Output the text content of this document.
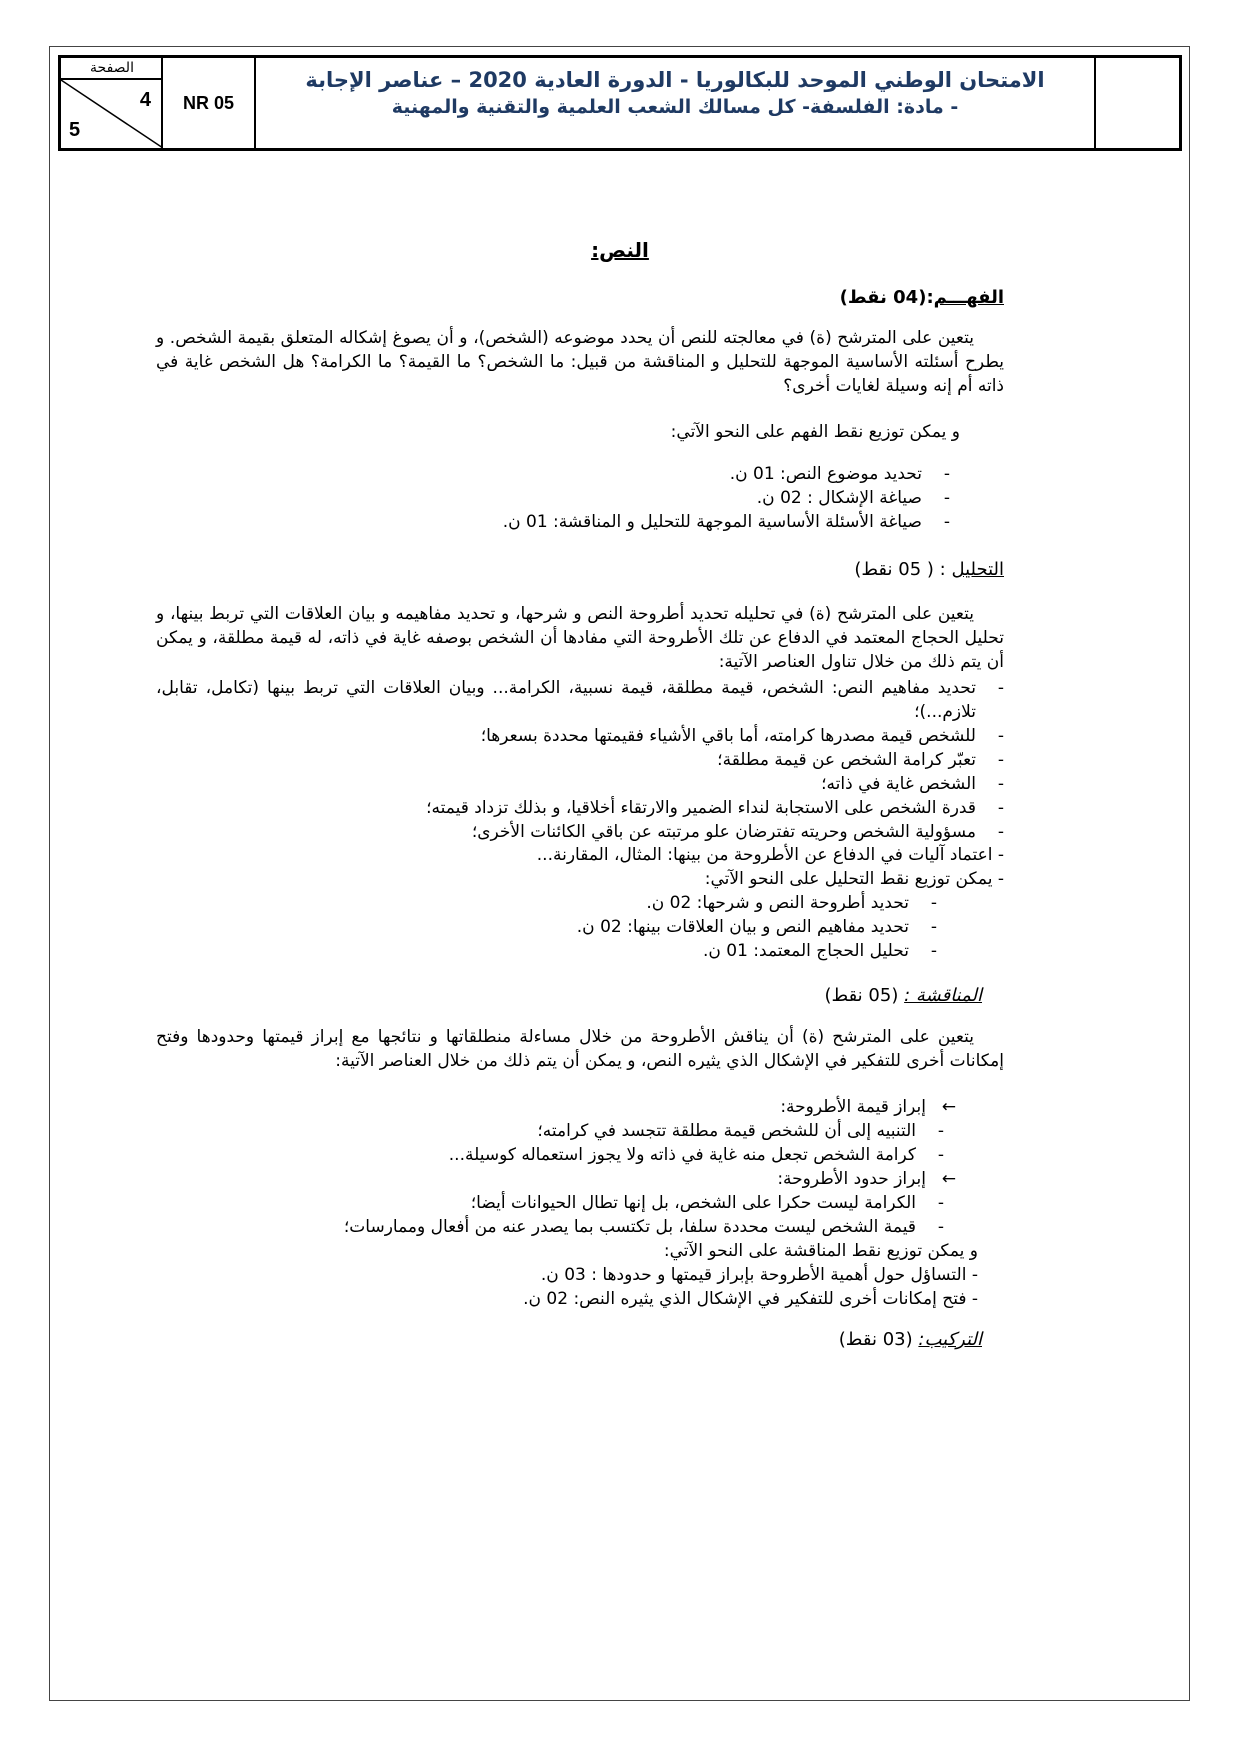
الصفحة
4
5
NR 05
الامتحان الوطني الموحد للبكالوريا - الدورة العادية 2020 – عناصر الإجابة
- مادة: الفلسفة- كل مسالك الشعب العلمية والتقنية والمهنية
النص:
الفهـــم:(04 نقط)
يتعين على المترشح (ة) في معالجته للنص أن يحدد موضوعه (الشخص)، و أن يصوغ إشكاله المتعلق بقيمة الشخص. و يطرح أسئلته الأساسية الموجهة للتحليل و المناقشة من قبيل: ما الشخص؟ ما القيمة؟ ما الكرامة؟ هل الشخص غاية في ذاته أم إنه وسيلة لغايات أخرى؟
و يمكن توزيع نقط الفهم على النحو الآتي:
- تحديد موضوع النص: 01 ن.
- صياغة الإشكال : 02 ن.
- صياغة الأسئلة الأساسية الموجهة للتحليل و المناقشة: 01 ن.
التحليل : ( 05 نقط)
يتعين على المترشح (ة) في تحليله تحديد أطروحة النص و شرحها، و تحديد مفاهيمه و بيان العلاقات التي تربط بينها، و تحليل الحجاج المعتمد في الدفاع عن تلك الأطروحة التي مفادها أن الشخص بوصفه غاية في ذاته، له قيمة مطلقة، و يمكن أن يتم ذلك من خلال تناول العناصر الآتية:
- تحديد مفاهيم النص: الشخص، قيمة مطلقة، قيمة نسبية، الكرامة... وبيان العلاقات التي تربط بينها (تكامل، تقابل، تلازم...)؛
- للشخص قيمة مصدرها كرامته، أما باقي الأشياء فقيمتها محددة بسعرها؛
- تعبّر كرامة الشخص عن قيمة مطلقة؛
- الشخص غاية في ذاته؛
- قدرة الشخص على الاستجابة لنداء الضمير والارتقاء أخلاقيا، و بذلك تزداد قيمته؛
- مسؤولية الشخص وحريته تفترضان علو مرتبته عن باقي الكائنات الأخرى؛
- اعتماد آليات في الدفاع عن الأطروحة من بينها: المثال، المقارنة...
- يمكن توزيع نقط التحليل على النحو الآتي:
- تحديد أطروحة النص و شرحها: 02 ن.
- تحديد مفاهيم النص و بيان العلاقات بينها: 02 ن.
- تحليل الحجاج المعتمد: 01 ن.
المناقشة : (05 نقط)
يتعين على المترشح (ة) أن يناقش الأطروحة من خلال مساءلة منطلقاتها و نتائجها مع إبراز قيمتها وحدودها وفتح إمكانات أخرى للتفكير في الإشكال الذي يثيره النص، و يمكن أن يتم ذلك من خلال العناصر الآتية:
← إبراز قيمة الأطروحة:
- التنبيه إلى أن للشخص قيمة مطلقة تتجسد في كرامته؛
- كرامة الشخص تجعل منه غاية في ذاته ولا يجوز استعماله كوسيلة...
← إبراز حدود الأطروحة:
- الكرامة ليست حكرا على الشخص، بل إنها تطال الحيوانات أيضا؛
- قيمة الشخص ليست محددة سلفا، بل تكتسب بما يصدر عنه من أفعال وممارسات؛
و يمكن توزيع نقط المناقشة على النحو الآتي:
- التساؤل حول أهمية الأطروحة بإبراز قيمتها و حدودها : 03 ن.
- فتح إمكانات أخرى للتفكير في الإشكال الذي يثيره النص: 02 ن.
التركيب: (03 نقط)
